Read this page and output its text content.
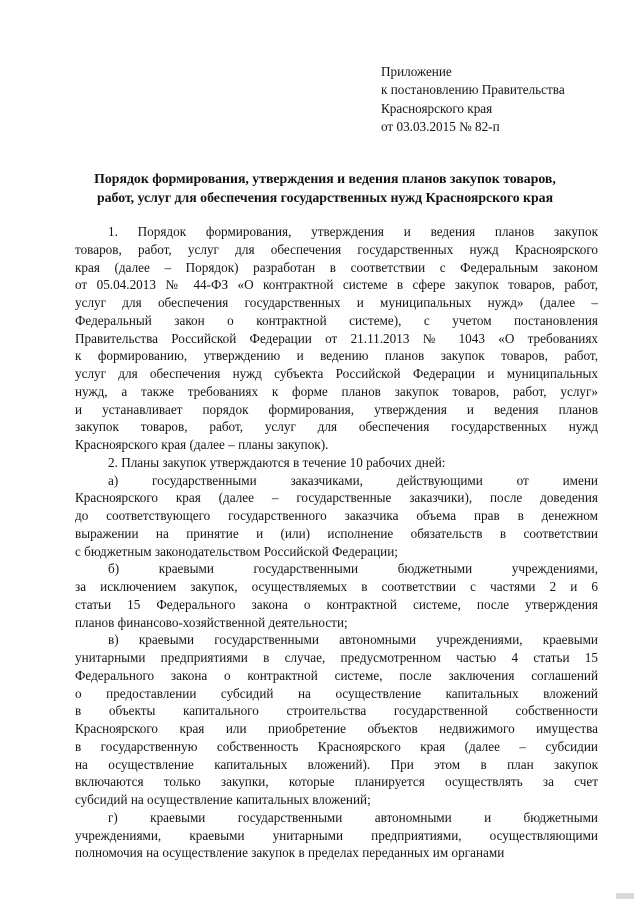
Приложение
к постановлению Правительства
Красноярского края
от 03.03.2015 № 82-п
Порядок формирования, утверждения и ведения планов закупок товаров,
работ, услуг для обеспечения государственных нужд Красноярского края

1. Порядок формирования, утверждения и ведения планов закупок
товаров, работ, услуг для обеспечения государственных нужд Красноярского
края (далее – Порядок) разработан в соответствии с Федеральным законом
от 05.04.2013 № 44-ФЗ «О контрактной системе в сфере закупок товаров, работ,
услуг для обеспечения государственных и муниципальных нужд» (далее –
Федеральный закон о контрактной системе), с учетом постановления
Правительства Российской Федерации от 21.11.2013 № 1043 «О требованиях
к формированию, утверждению и ведению планов закупок товаров, работ,
услуг для обеспечения нужд субъекта Российской Федерации и муниципальных
нужд, а также требованиях к форме планов закупок товаров, работ, услуг»
и устанавливает порядок формирования, утверждения и ведения планов
закупок товаров, работ, услуг для обеспечения государственных нужд
Красноярского края (далее – планы закупок).

2. Планы закупок утверждаются в течение 10 рабочих дней:

а) государственными заказчиками, действующими от имени
Красноярского края (далее – государственные заказчики), после доведения
до соответствующего государственного заказчика объема прав в денежном
выражении на принятие и (или) исполнение обязательств в соответствии
с бюджетным законодательством Российской Федерации;

б) краевыми государственными бюджетными учреждениями,
за исключением закупок, осуществляемых в соответствии с частями 2 и 6
статьи 15 Федерального закона о контрактной системе, после утверждения
планов финансово-хозяйственной деятельности;

в) краевыми государственными автономными учреждениями, краевыми
унитарными предприятиями в случае, предусмотренном частью 4 статьи 15
Федерального закона о контрактной системе, после заключения соглашений
о предоставлении субсидий на осуществление капитальных вложений
в объекты капитального строительства государственной собственности
Красноярского края или приобретение объектов недвижимого имущества
в государственную собственность Красноярского края (далее – субсидии
на осуществление капитальных вложений). При этом в план закупок
включаются только закупки, которые планируется осуществлять за счет
субсидий на осуществление капитальных вложений;

г) краевыми государственными автономными и бюджетными
учреждениями, краевыми унитарными предприятиями, осуществляющими
полномочия на осуществление закупок в пределах переданных им органами
